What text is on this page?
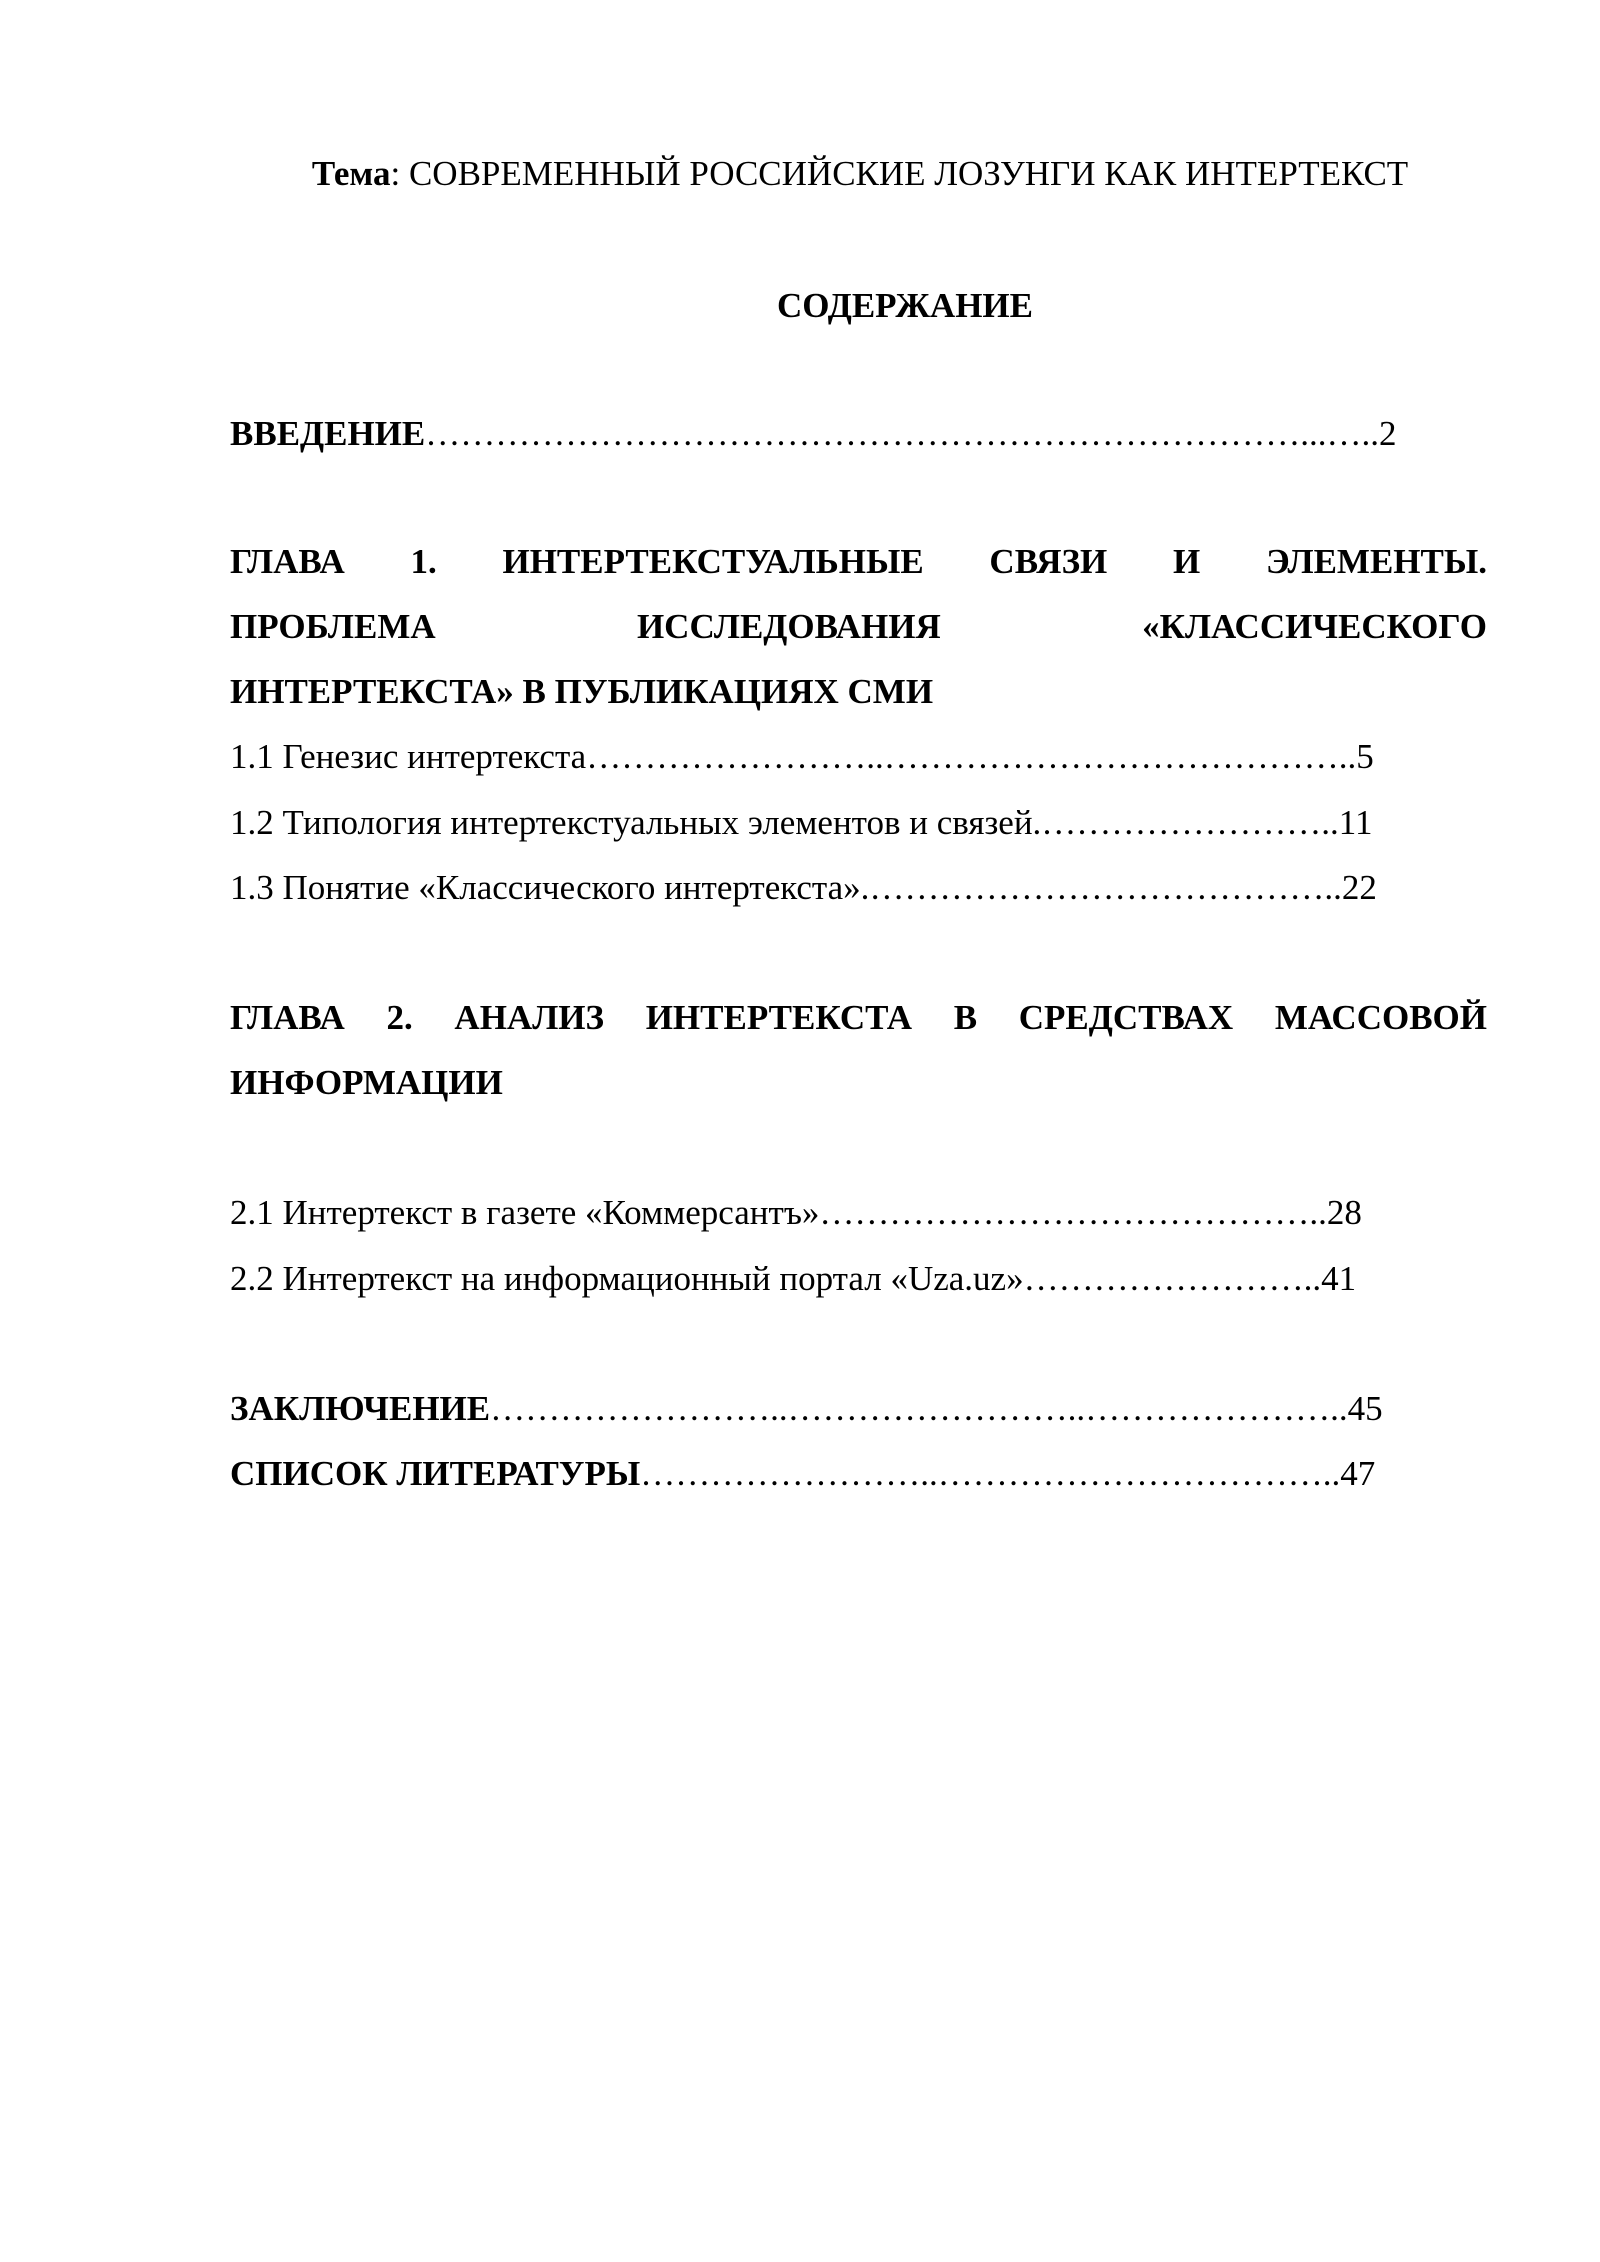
Тема: СОВРЕМЕННЫЙ РОССИЙСКИЕ ЛОЗУНГИ КАК ИНТЕРТЕКСТ

СОДЕРЖАНИЕ

ВВЕДЕНИЕ…………………………………………………………………...…..2

ГЛАВА 1. ИНТЕРТЕКСТУАЛЬНЫЕ СВЯЗИ И ЭЛЕМЕНТЫ.

ПРОБЛЕМА ИССЛЕДОВАНИЯ «КЛАССИЧЕСКОГО

ИНТЕРТЕКСТА» В ПУБЛИКАЦИЯХ СМИ

1.1 Генезис интертекста……………………..…………………………………..5

1.2 Типология интертекстуальных элементов и связей.……………………..11

1.3 Понятие «Классического интертекста».…………………………………..22

ГЛАВА 2. АНАЛИЗ ИНТЕРТЕКСТА В СРЕДСТВАХ МАССОВОЙ

ИНФОРМАЦИИ

2.1 Интертекст в газете «Коммерсантъ»……………………………………..28

2.2 Интертекст на информационный портал «Uza.uz»……………………..41

ЗАКЛЮЧЕНИЕ……………………..……………………..…………………..45

СПИСОК ЛИТЕРАТУРЫ……………………..……………………………..47
